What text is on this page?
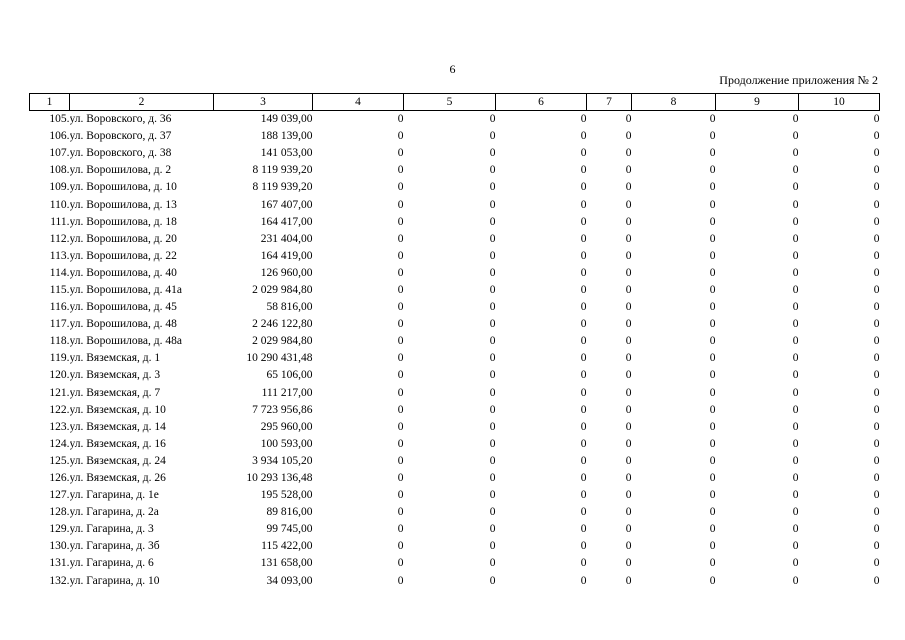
6
Продолжение приложения № 2
1	2	3	4	5	6	7	8	9	10
105.	ул. Воровского, д. 36	149 039,00	0	0	0	0	0	0	0
106.	ул. Воровского, д. 37	188 139,00	0	0	0	0	0	0	0
107.	ул. Воровского, д. 38	141 053,00	0	0	0	0	0	0	0
108.	ул. Ворошилова, д. 2	8 119 939,20	0	0	0	0	0	0	0
109.	ул. Ворошилова, д. 10	8 119 939,20	0	0	0	0	0	0	0
110.	ул. Ворошилова, д. 13	167 407,00	0	0	0	0	0	0	0
111.	ул. Ворошилова, д. 18	164 417,00	0	0	0	0	0	0	0
112.	ул. Ворошилова, д. 20	231 404,00	0	0	0	0	0	0	0
113.	ул. Ворошилова, д. 22	164 419,00	0	0	0	0	0	0	0
114.	ул. Ворошилова, д. 40	126 960,00	0	0	0	0	0	0	0
115.	ул. Ворошилова, д. 41а	2 029 984,80	0	0	0	0	0	0	0
116.	ул. Ворошилова, д. 45	58 816,00	0	0	0	0	0	0	0
117.	ул. Ворошилова, д. 48	2 246 122,80	0	0	0	0	0	0	0
118.	ул. Ворошилова, д. 48а	2 029 984,80	0	0	0	0	0	0	0
119.	ул. Вяземская, д. 1	10 290 431,48	0	0	0	0	0	0	0
120.	ул. Вяземская, д. 3	65 106,00	0	0	0	0	0	0	0
121.	ул. Вяземская, д. 7	111 217,00	0	0	0	0	0	0	0
122.	ул. Вяземская, д. 10	7 723 956,86	0	0	0	0	0	0	0
123.	ул. Вяземская, д. 14	295 960,00	0	0	0	0	0	0	0
124.	ул. Вяземская, д. 16	100 593,00	0	0	0	0	0	0	0
125.	ул. Вяземская, д. 24	3 934 105,20	0	0	0	0	0	0	0
126.	ул. Вяземская, д. 26	10 293 136,48	0	0	0	0	0	0	0
127.	ул. Гагарина, д. 1е	195 528,00	0	0	0	0	0	0	0
128.	ул. Гагарина, д. 2а	89 816,00	0	0	0	0	0	0	0
129.	ул. Гагарина, д. 3	99 745,00	0	0	0	0	0	0	0
130.	ул. Гагарина, д. 3б	115 422,00	0	0	0	0	0	0	0
131.	ул. Гагарина, д. 6	131 658,00	0	0	0	0	0	0	0
132.	ул. Гагарина, д. 10	34 093,00	0	0	0	0	0	0	0
